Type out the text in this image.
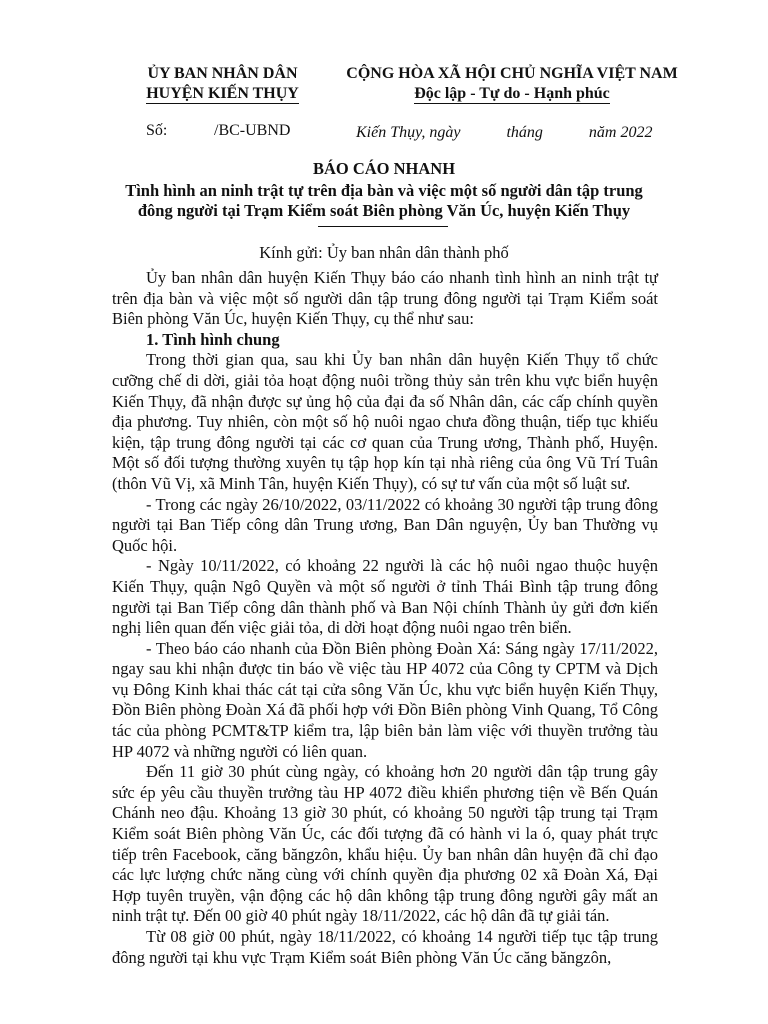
ỦY BAN NHÂN DÂN
HUYỆN KIẾN THỤY
CỘNG HÒA XÃ HỘI CHỦ NGHĨA VIỆT NAM
Độc lập - Tự do - Hạnh phúc
Số:	/BC-UBND	Kiến Thụy, ngày	tháng	năm 2022
BÁO CÁO NHANH
Tình hình an ninh trật tự trên địa bàn và việc một số người dân tập trung
đông người tại Trạm Kiểm soát Biên phòng Văn Úc, huyện Kiến Thụy
Kính gửi: Ủy ban nhân dân thành phố

Ủy ban nhân dân huyện Kiến Thụy báo cáo nhanh tình hình an ninh trật tự trên địa bàn và việc một số người dân tập trung đông người tại Trạm Kiểm soát Biên phòng Văn Úc, huyện Kiến Thụy, cụ thể như sau:

1. Tình hình chung

Trong thời gian qua, sau khi Ủy ban nhân dân huyện Kiến Thụy tổ chức cưỡng chế di dời, giải tỏa hoạt động nuôi trồng thủy sản trên khu vực biển huyện Kiến Thụy, đã nhận được sự ủng hộ của đại đa số Nhân dân, các cấp chính quyền địa phương. Tuy nhiên, còn một số hộ nuôi ngao chưa đồng thuận, tiếp tục khiếu kiện, tập trung đông người tại các cơ quan của Trung ương, Thành phố, Huyện. Một số đối tượng thường xuyên tụ tập họp kín tại nhà riêng của ông Vũ Trí Tuân (thôn Vũ Vị, xã Minh Tân, huyện Kiến Thụy), có sự tư vấn của một số luật sư.

- Trong các ngày 26/10/2022, 03/11/2022 có khoảng 30 người tập trung đông người tại Ban Tiếp công dân Trung ương, Ban Dân nguyện, Ủy ban Thường vụ Quốc hội.

- Ngày 10/11/2022, có khoảng 22 người là các hộ nuôi ngao thuộc huyện Kiến Thụy, quận Ngô Quyền và một số người ở tỉnh Thái Bình tập trung đông người tại Ban Tiếp công dân thành phố và Ban Nội chính Thành ủy gửi đơn kiến nghị liên quan đến việc giải tỏa, di dời hoạt động nuôi ngao trên biển.

- Theo báo cáo nhanh của Đồn Biên phòng Đoàn Xá: Sáng ngày 17/11/2022, ngay sau khi nhận được tin báo về việc tàu HP 4072 của Công ty CPTM và Dịch vụ Đông Kinh khai thác cát tại cửa sông Văn Úc, khu vực biển huyện Kiến Thụy, Đồn Biên phòng Đoàn Xá đã phối hợp với Đồn Biên phòng Vinh Quang, Tổ Công tác của phòng PCMT&TP kiểm tra, lập biên bản làm việc với thuyền trưởng tàu HP 4072 và những người có liên quan.

Đến 11 giờ 30 phút cùng ngày, có khoảng hơn 20 người dân tập trung gây sức ép yêu cầu thuyền trưởng tàu HP 4072 điều khiển phương tiện về Bến Quán Chánh neo đậu. Khoảng 13 giờ 30 phút, có khoảng 50 người tập trung tại Trạm Kiểm soát Biên phòng Văn Úc, các đối tượng đã có hành vi la ó, quay phát trực tiếp trên Facebook, căng băngzôn, khẩu hiệu. Ủy ban nhân dân huyện đã chỉ đạo các lực lượng chức năng cùng với chính quyền địa phương 02 xã Đoàn Xá, Đại Hợp tuyên truyền, vận động các hộ dân không tập trung đông người gây mất an ninh trật tự. Đến 00 giờ 40 phút ngày 18/11/2022, các hộ dân đã tự giải tán.

Từ 08 giờ 00 phút, ngày 18/11/2022, có khoảng 14 người tiếp tục tập trung đông người tại khu vực Trạm Kiểm soát Biên phòng Văn Úc căng băngzôn,
